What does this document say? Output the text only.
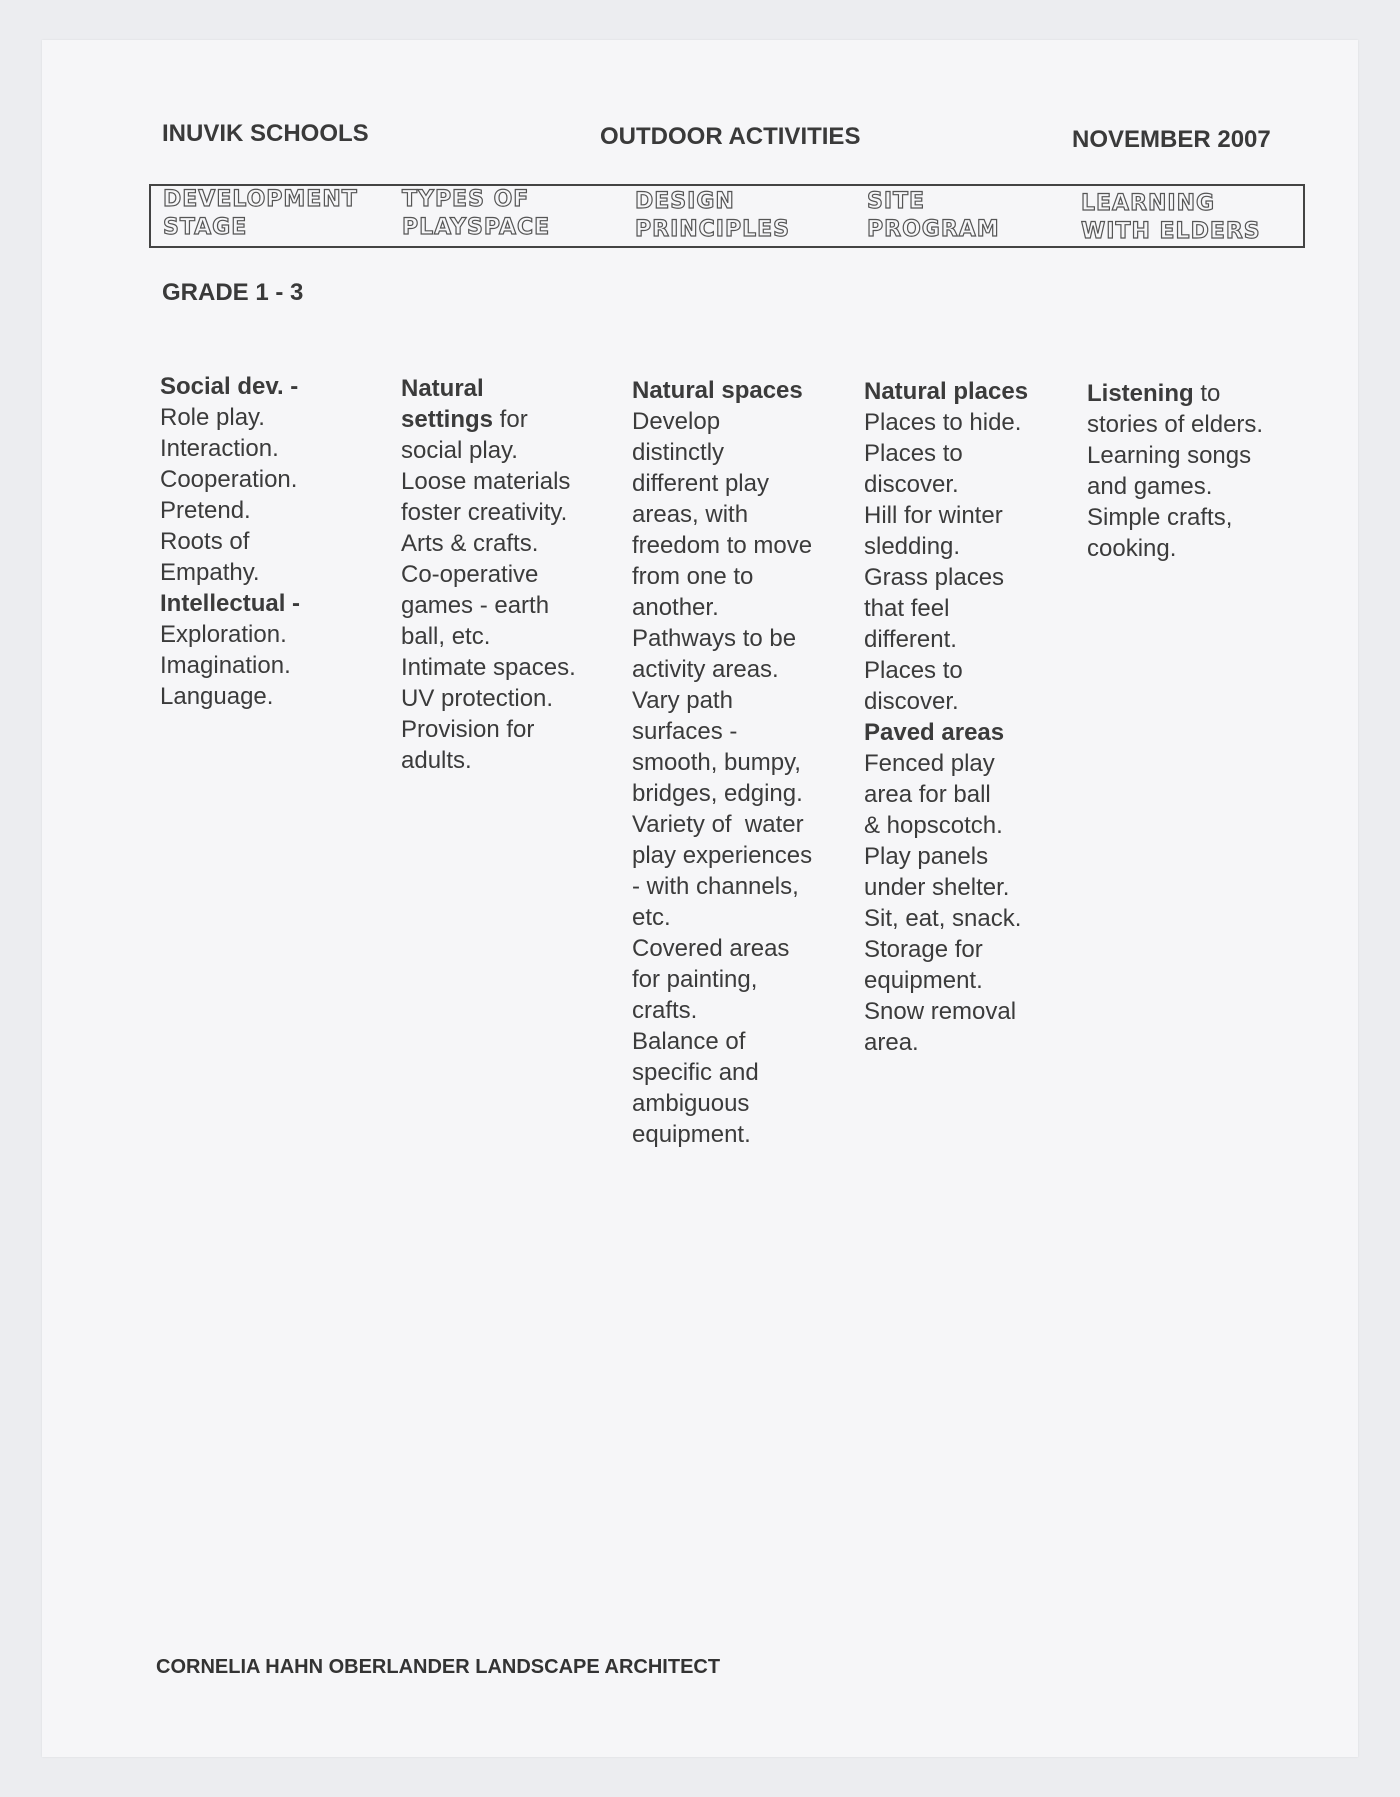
INUVIK SCHOOLS	OUTDOOR ACTIVITIES	NOVEMBER 2007
DEVELOPMENT
STAGE
TYPES OF
PLAYSPACE
DESIGN
PRINCIPLES
SITE
PROGRAM
LEARNING
WITH ELDERS
GRADE 1 - 3
Social dev. -
Role play.
Interaction.
Cooperation.
Pretend.
Roots of
Empathy.
Intellectual -
Exploration.
Imagination.
Language.
Natural
settings for
social play.
Loose materials
foster creativity.
Arts & crafts.
Co-operative
games - earth
ball, etc.
Intimate spaces.
UV protection.
Provision for
adults.
Natural spaces
Develop
distinctly
different play
areas, with
freedom to move
from one to
another.
Pathways to be
activity areas.
Vary path
surfaces -
smooth, bumpy,
bridges, edging.
Variety of  water
play experiences
- with channels,
etc.
Covered areas
for painting,
crafts.
Balance of
specific and
ambiguous
equipment.
Natural places
Places to hide.
Places to
discover.
Hill for winter
sledding.
Grass places
that feel
different.
Places to
discover.
Paved areas
Fenced play
area for ball
& hopscotch.
Play panels
under shelter.
Sit, eat, snack.
Storage for
equipment.
Snow removal
area.
Listening to
stories of elders.
Learning songs
and games.
Simple crafts,
cooking.
CORNELIA HAHN OBERLANDER LANDSCAPE ARCHITECT
